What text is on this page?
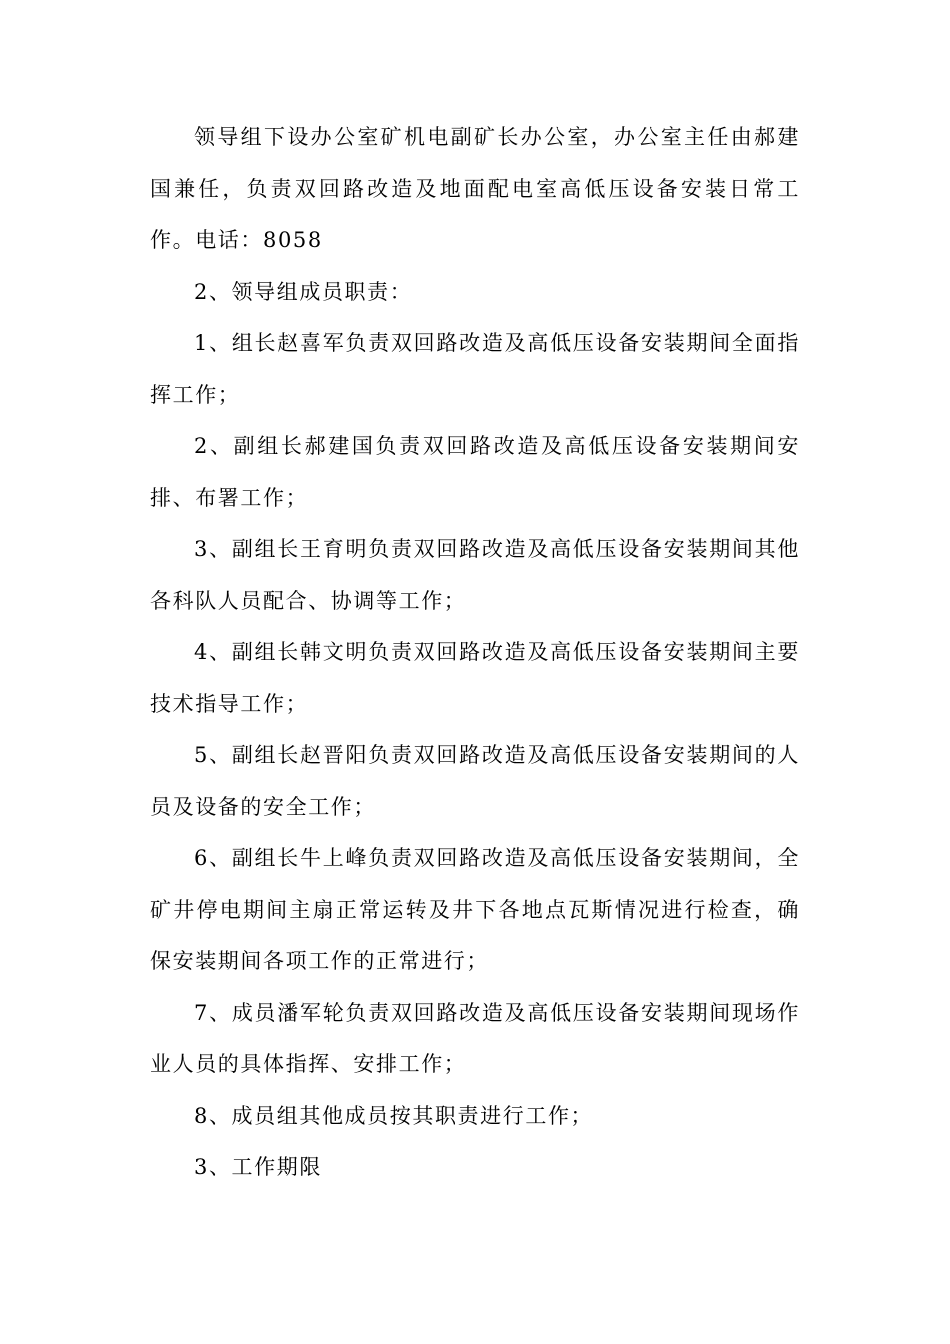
领导组下设办公室矿机电副矿长办公室，办公室主任由郝建国兼任，负责双回路改造及地面配电室高低压设备安装日常工作。电话：8058

2、领导组成员职责：

1、组长赵喜军负责双回路改造及高低压设备安装期间全面指挥工作；

2、副组长郝建国负责双回路改造及高低压设备安装期间安排、布署工作；

3、副组长王育明负责双回路改造及高低压设备安装期间其他各科队人员配合、协调等工作；

4、副组长韩文明负责双回路改造及高低压设备安装期间主要技术指导工作；

5、副组长赵晋阳负责双回路改造及高低压设备安装期间的人员及设备的安全工作；

6、副组长牛上峰负责双回路改造及高低压设备安装期间，全矿井停电期间主扇正常运转及井下各地点瓦斯情况进行检查，确保安装期间各项工作的正常进行；

7、成员潘军轮负责双回路改造及高低压设备安装期间现场作业人员的具体指挥、安排工作；

8、成员组其他成员按其职责进行工作；

3、工作期限
